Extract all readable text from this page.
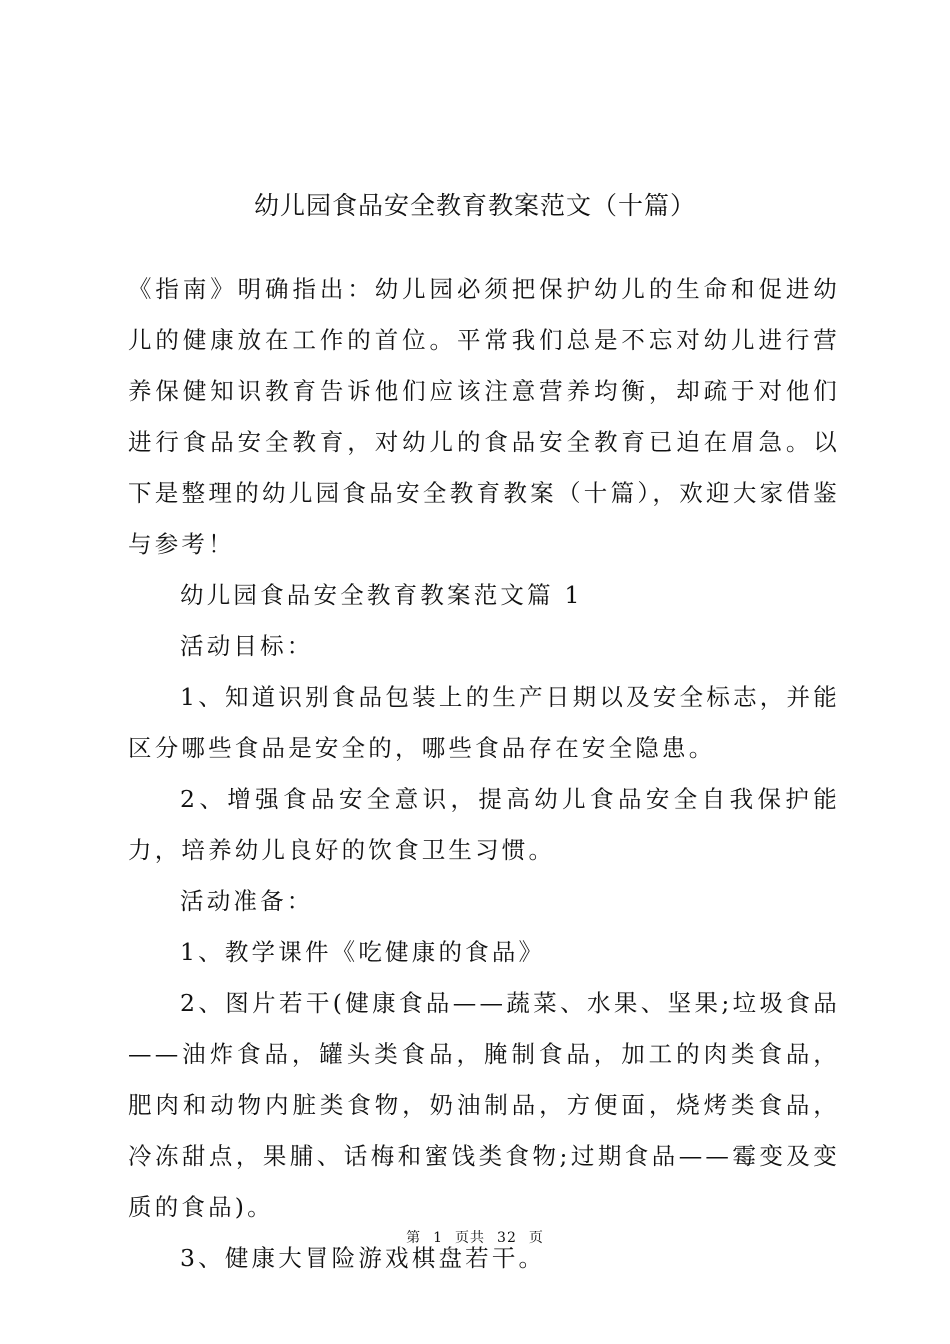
幼儿园食品安全教育教案范文（十篇）

《指南》明确指出：幼儿园必须把保护幼儿的生命和促进幼儿的健康放在工作的首位。平常我们总是不忘对幼儿进行营养保健知识教育告诉他们应该注意营养均衡，却疏于对他们进行食品安全教育，对幼儿的食品安全教育已迫在眉急。以下是整理的幼儿园食品安全教育教案（十篇），欢迎大家借鉴与参考！

幼儿园食品安全教育教案范文篇 1

活动目标：

1、知道识别食品包装上的生产日期以及安全标志，并能区分哪些食品是安全的，哪些食品存在安全隐患。

2、增强食品安全意识，提高幼儿食品安全自我保护能力，培养幼儿良好的饮食卫生习惯。

活动准备：

1、教学课件《吃健康的食品》

2、图片若干(健康食品——蔬菜、水果、坚果;垃圾食品——油炸食品，罐头类食品，腌制食品，加工的肉类食品，肥肉和动物内脏类食物，奶油制品，方便面，烧烤类食品，冷冻甜点，果脯、话梅和蜜饯类食物;过期食品——霉变及变质的食品)。

3、健康大冒险游戏棋盘若干。

第 1 页共 32 页
